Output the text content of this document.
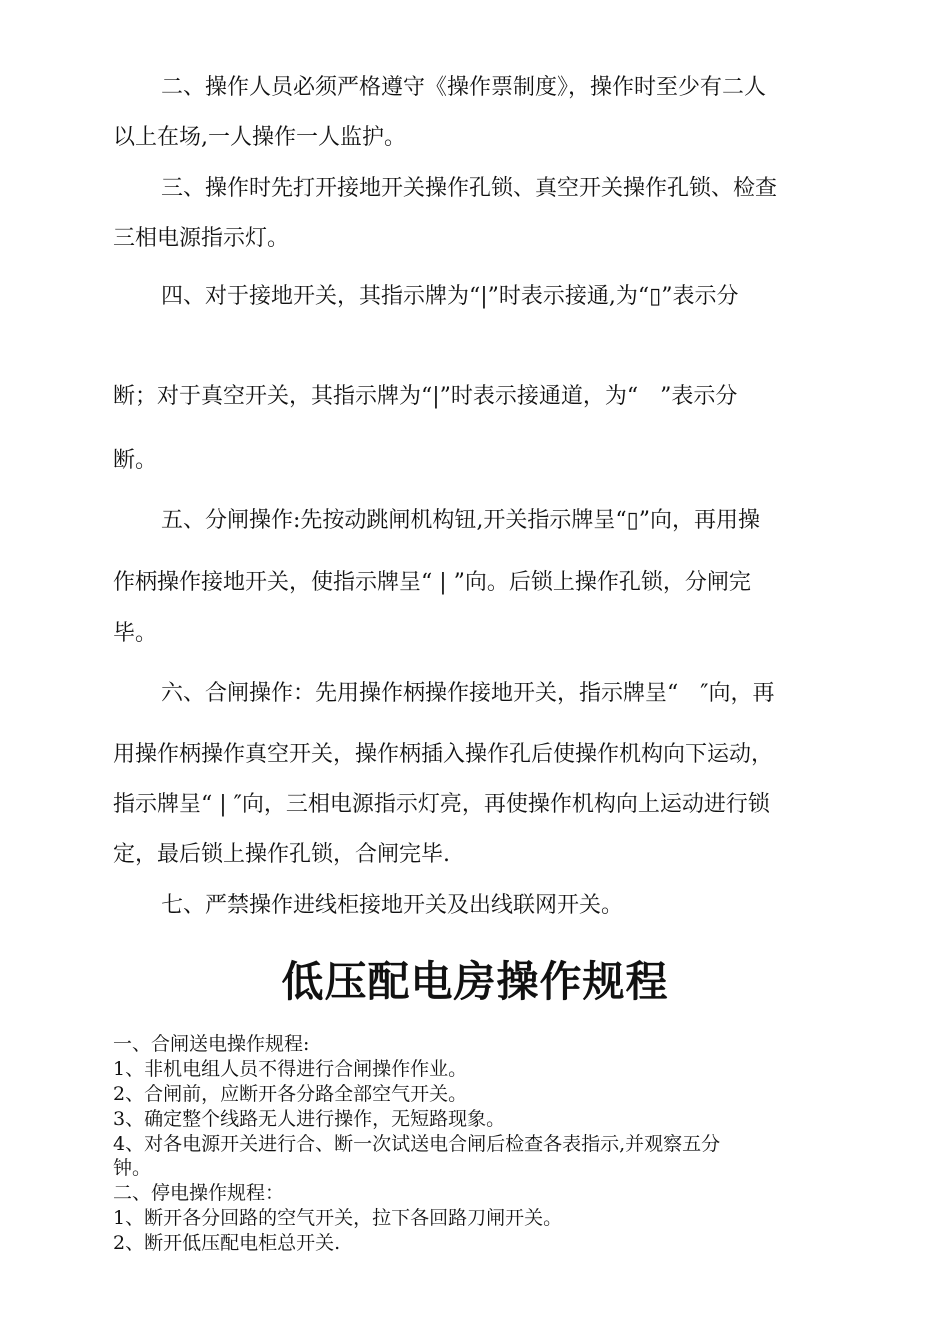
二、操作人员必须严格遵守《操作票制度》，操作时至少有二人
以上在场,一人操作一人监护。
三、操作时先打开接地开关操作孔锁、真空开关操作孔锁、检查
三相电源指示灯。
四、对于接地开关，其指示牌为“|”时表示接通,为“▯”表示分
断；对于真空开关，其指示牌为“|”时表示接通道，为“　”表示分
断。
五、分闸操作:先按动跳闸机构钮,开关指示牌呈“▯”向，再用操
作柄操作接地开关，使指示牌呈“ | ”向。后锁上操作孔锁，分闸完
毕。
六、合闸操作：先用操作柄操作接地开关，指示牌呈“　″向，再
用操作柄操作真空开关，操作柄插入操作孔后使操作机构向下运动，
指示牌呈“ | ″向，三相电源指示灯亮，再使操作机构向上运动进行锁
定，最后锁上操作孔锁，合闸完毕.
七、严禁操作进线柜接地开关及出线联网开关。
低压配电房操作规程
一、合闸送电操作规程:
1、非机电组人员不得进行合闸操作作业。
2、合闸前，应断开各分路全部空气开关。
3、确定整个线路无人进行操作，无短路现象。
4、对各电源开关进行合、断一次试送电合闸后检查各表指示,并观察五分
钟。
二、停电操作规程：
1、断开各分回路的空气开关，拉下各回路刀闸开关。
2、断开低压配电柜总开关.
